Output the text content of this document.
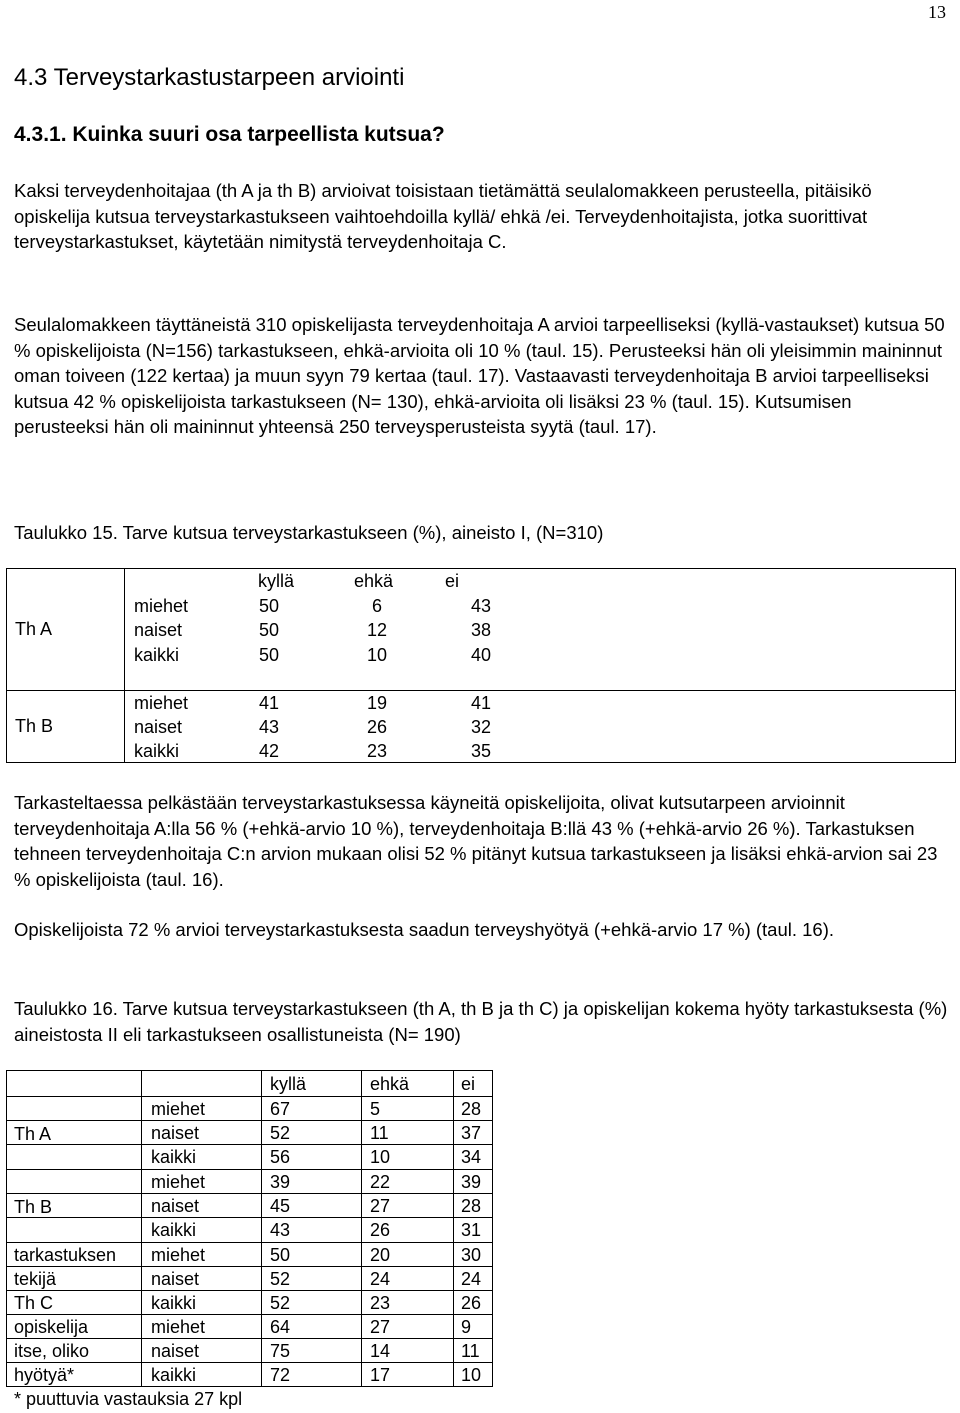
13
4.3 Terveystarkastustarpeen arviointi
4.3.1. Kuinka suuri osa tarpeellista kutsua?

Kaksi terveydenhoitajaa (th A ja th B) arvioivat toisistaan tietämättä seulalomakkeen perusteella, pitäisikö opiskelija kutsua terveystarkastukseen vaihtoehdoilla kyllä/ ehkä /ei. Terveydenhoitajista, jotka suorittivat terveystarkastukset, käytetään nimitystä terveydenhoitaja C.

Seulalomakkeen täyttäneistä 310 opiskelijasta terveydenhoitaja A arvioi tarpeelliseksi (kyllä-vastaukset) kutsua 50 % opiskelijoista (N=156) tarkastukseen, ehkä-arvioita oli 10 % (taul. 15). Perusteeksi hän oli yleisimmin maininnut oman toiveen (122 kertaa) ja muun syyn 79 kertaa (taul. 17). Vastaavasti terveydenhoitaja B arvioi tarpeelliseksi kutsua 42 % opiskelijoista tarkastukseen (N= 130), ehkä-arvioita oli lisäksi 23 % (taul. 15). Kutsumisen perusteeksi hän oli maininnut yhteensä 250 terveysperusteista syytä (taul. 17).

Taulukko 15. Tarve kutsua terveystarkastukseen (%), aineisto I, (N=310)

kyllä	ehkä	ei
Th A
miehet	50	6	43
naiset	50	12	38
kaikki	50	10	40
Th B
miehet	41	19	41
naiset	43	26	32
kaikki	42	23	35

Tarkasteltaessa pelkästään terveystarkastuksessa käyneitä opiskelijoita, olivat kutsutarpeen arvioinnit terveydenhoitaja A:lla 56 % (+ehkä-arvio 10 %), terveydenhoitaja B:llä 43 % (+ehkä-arvio 26 %). Tarkastuksen tehneen terveydenhoitaja C:n arvion mukaan olisi 52 % pitänyt kutsua tarkastukseen ja lisäksi ehkä-arvion sai 23 % opiskelijoista (taul. 16).

Opiskelijoista 72 % arvioi terveystarkastuksesta saadun terveyshyötyä (+ehkä-arvio 17 %) (taul. 16).

Taulukko 16. Tarve kutsua terveystarkastukseen (th A, th B ja th C) ja opiskelijan kokema hyöty tarkastuksesta (%) aineistosta II eli tarkastukseen osallistuneista (N= 190)

kyllä	ehkä	ei
Th A
miehet	67	5	28
naiset	52	11	37
kaikki	56	10	34
Th B
miehet	39	22	39
naiset	45	27	28
kaikki	43	26	31
tarkastuksen
tekijä
Th C
miehet	50	20	30
naiset	52	24	24
kaikki	52	23	26
opiskelija
itse, oliko
hyötyä*
miehet	64	27	9
naiset	75	14	11
kaikki	72	17	10
* puuttuvia vastauksia 27 kpl
